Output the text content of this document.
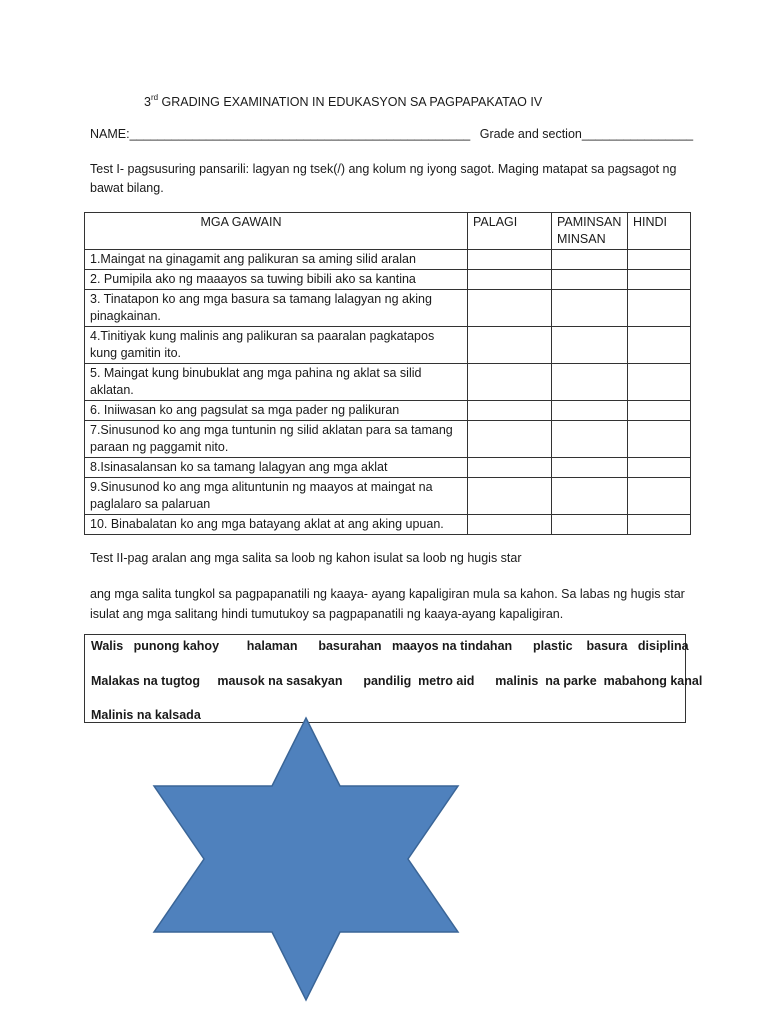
3rd GRADING EXAMINATION IN EDUKASYON SA PAGPAPAKATAO IV
NAME:_________________________________________________ Grade and section________________
Test I- pagsusuring pansarili: lagyan ng tsek(/) ang kolum ng iyong sagot. Maging matapat sa pagsagot ng bawat bilang.
MGA GAWAIN	PALAGI	PAMINSAN MINSAN	HINDI
1.Maingat na ginagamit ang palikuran sa aming silid aralan			
2. Pumipila ako ng maaayos sa tuwing bibili ako sa kantina			
3. Tinatapon ko ang mga basura sa tamang lalagyan ng aking pinagkainan.			
4.Tinitiyak kung malinis ang palikuran sa paaralan pagkatapos kung gamitin ito.			
5. Maingat kung binubuklat ang mga pahina ng aklat sa silid aklatan.			
6. Iniiwasan ko ang pagsulat sa mga pader ng palikuran			
7.Sinusunod ko ang mga tuntunin ng silid aklatan para sa tamang paraan ng paggamit nito.			
8.Isinasalansan ko sa tamang lalagyan ang mga aklat			
9.Sinusunod ko ang mga alituntunin ng maayos at maingat na paglalaro sa palaruan			
10. Binabalatan ko ang mga batayang aklat at ang aking upuan.			
Test II-pag aralan ang mga salita sa loob ng kahon isulat sa loob ng hugis star
ang mga salita tungkol sa pagpapanatili ng kaaya- ayang kapaligiran mula sa kahon. Sa labas ng hugis star isulat ang mga salitang hindi tumutukoy sa pagpapanatili ng kaaya-ayang kapaligiran.
Walis   punong kahoy        halaman      basurahan   maayos na tindahan      plastic    basura   disiplina
Malakas na tugtog     mausok na sasakyan      pandilig  metro aid      malinis  na parke  mabahong kanal
Malinis na kalsada
